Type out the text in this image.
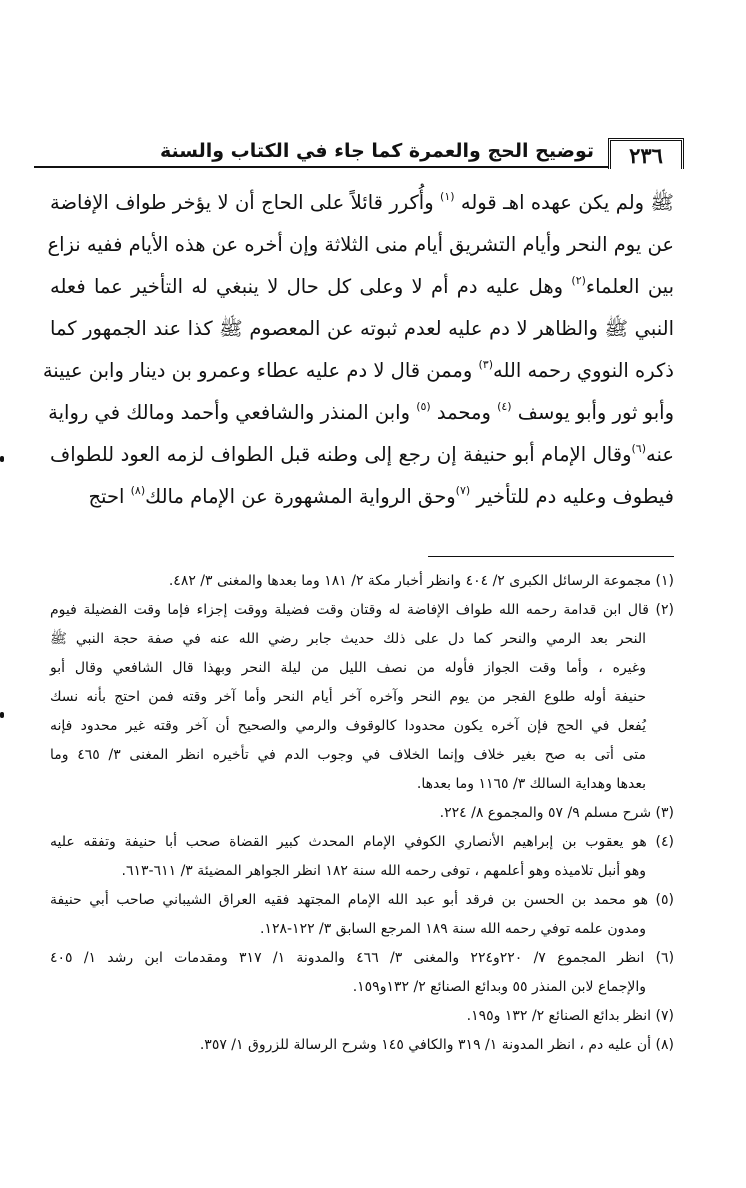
٢٣٦
توضيح الحج والعمرة كما جاء في الكتاب والسنة
ﷺ ولم يكن عهده اهـ قوله $^{(١)}$ وأُكرر قائلاً على الحاج أن لا يؤخر طواف الإفاضة
عن يوم النحر وأيام التشريق أيام منى الثلاثة وإن أخره عن هذه الأيام ففيه نزاع
بين العلماء$^{(٢)}$ وهل عليه دم أم لا وعلى كل حال لا ينبغي له التأخير عما فعله
النبي ﷺ والظاهر لا دم عليه لعدم ثبوته عن المعصوم ﷺ كذا عند الجمهور كما
ذكره النووي رحمه الله$^{(٣)}$ وممن قال لا دم عليه عطاء وعمرو بن دينار وابن عيينة
وأبو ثور وأبو يوسف $^{(٤)}$ ومحمد $^{(٥)}$ وابن المنذر والشافعي وأحمد ومالك في رواية
عنه$^{(٦)}$وقال الإمام أبو حنيفة إن رجع إلى وطنه قبل الطواف لزمه العود للطواف
فيطوف وعليه دم للتأخير $^{(٧)}$وحق الرواية المشهورة عن الإمام مالك$^{(٨)}$ احتج
(١) مجموعة الرسائل الكبرى ٢/ ٤٠٤ وانظر أخبار مكة ٢/ ١٨١ وما بعدها والمغنى ٣/ ٤٨٢.
(٢) قال ابن قدامة رحمه الله طواف الإفاضة له وقتان وقت فضيلة ووقت إجزاء فإما وقت الفضيلة فيوم
النحر بعد الرمي والنحر كما دل على ذلك حديث جابر رضي الله عنه في صفة حجة النبي ﷺ
وغيره ، وأما وقت الجواز فأوله من نصف الليل من ليلة النحر وبهذا قال الشافعي وقال أبو
حنيفة أوله طلوع الفجر من يوم النحر وآخره آخر أيام النحر وأما آخر وقته فمن احتج بأنه نسك
يُفعل في الحج فإن آخره يكون محدودا كالوقوف والرمي والصحيح أن آخر وقته غير محدود فإنه
متى أتى به صح بغير خلاف وإنما الخلاف في وجوب الدم في تأخيره انظر المغنى ٣/ ٤٦٥ وما
بعدها وهداية السالك ٣/ ١١٦٥ وما بعدها.
(٣) شرح مسلم ٩/ ٥٧ والمجموع ٨/ ٢٢٤.
(٤) هو يعقوب بن إبراهيم الأنصاري الكوفي الإمام المحدث كبير القضاة صحب أبا حنيفة وتفقه عليه
وهو أنبل تلاميذه وهو أعلمهم ، توفى رحمه الله سنة ١٨٢ انظر الجواهر المضيئة ٣/ ٦١١-٦١٣.
(٥) هو محمد بن الحسن بن فرقد أبو عبد الله الإمام المجتهد فقيه العراق الشيباني صاحب أبي حنيفة
ومدون علمه توفي رحمه الله سنة ١٨٩ المرجع السابق ٣/ ١٢٢-١٢٨.
(٦) انظر المجموع ٧/ ٢٢٠و٢٢٤ والمغنى ٣/ ٤٦٦ والمدونة ١/ ٣١٧ ومقدمات ابن رشد ١/ ٤٠٥
والإجماع لابن المنذر ٥٥ وبدائع الصنائع ٢/ ١٣٢و١٥٩.
(٧) انظر بدائع الصنائع ٢/ ١٣٢ و١٩٥.
(٨) أن عليه دم ، انظر المدونة ١/ ٣١٩ والكافي ١٤٥ وشرح الرسالة للزروق ١/ ٣٥٧.
